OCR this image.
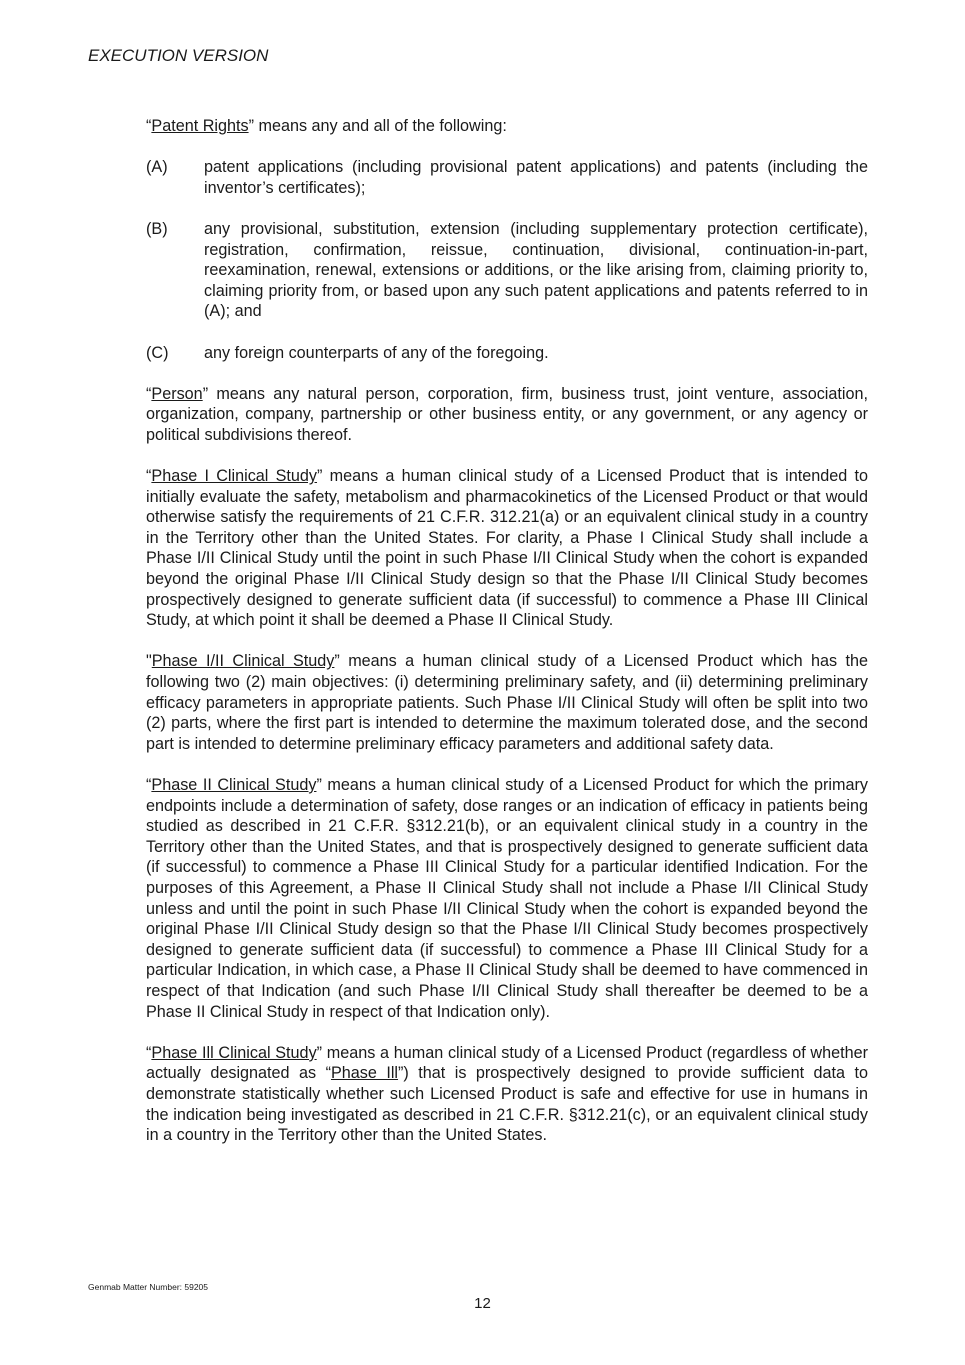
EXECUTION VERSION

“Patent Rights” means any and all of the following:

(A)	patent applications (including provisional patent applications) and patents (including the inventor’s certificates);
(B)	any provisional, substitution, extension (including supplementary protection certificate), registration, confirmation, reissue, continuation, divisional, continuation-in-part, reexamination, renewal, extensions or additions, or the like arising from, claiming priority to, claiming priority from, or based upon any such patent applications and patents referred to in (A); and
(C)	any foreign counterparts of any of the foregoing.

“Person” means any natural person, corporation, firm, business trust, joint venture, association, organization, company, partnership or other business entity, or any government, or any agency or political subdivisions thereof.

“Phase I Clinical Study” means a human clinical study of a Licensed Product that is intended to initially evaluate the safety, metabolism and pharmacokinetics of the Licensed Product or that would otherwise satisfy the requirements of 21 C.F.R. 312.21(a) or an equivalent clinical study in a country in the Territory other than the United States. For clarity, a Phase I Clinical Study shall include a Phase I/II Clinical Study until the point in such Phase I/II Clinical Study when the cohort is expanded beyond the original Phase I/II Clinical Study design so that the Phase I/II Clinical Study becomes prospectively designed to generate sufficient data (if successful) to commence a Phase III Clinical Study, at which point it shall be deemed a Phase II Clinical Study.

"Phase I/II Clinical Study” means a human clinical study of a Licensed Product which has the following two (2) main objectives: (i) determining preliminary safety, and (ii) determining preliminary efficacy parameters in appropriate patients. Such Phase I/II Clinical Study will often be split into two (2) parts, where the first part is intended to determine the maximum tolerated dose, and the second part is intended to determine preliminary efficacy parameters and additional safety data.

“Phase II Clinical Study” means a human clinical study of a Licensed Product for which the primary endpoints include a determination of safety, dose ranges or an indication of efficacy in patients being studied as described in 21 C.F.R. §312.21(b), or an equivalent clinical study in a country in the Territory other than the United States, and that is prospectively designed to generate sufficient data (if successful) to commence a Phase III Clinical Study for a particular identified Indication. For the purposes of this Agreement, a Phase II Clinical Study shall not include a Phase I/II Clinical Study unless and until the point in such Phase I/II Clinical Study when the cohort is expanded beyond the original Phase I/II Clinical Study design so that the Phase I/II Clinical Study becomes prospectively designed to generate sufficient data (if successful) to commence a Phase III Clinical Study for a particular Indication, in which case, a Phase II Clinical Study shall be deemed to have commenced in respect of that Indication (and such Phase I/II Clinical Study shall thereafter be deemed to be a Phase II Clinical Study in respect of that Indication only).

“Phase Ill Clinical Study” means a human clinical study of a Licensed Product (regardless of whether actually designated as “Phase Ill”) that is prospectively designed to provide sufficient data to demonstrate statistically whether such Licensed Product is safe and effective for use in humans in the indication being investigated as described in 21 C.F.R. §312.21(c), or an equivalent clinical study in a country in the Territory other than the United States.

Genmab Matter Number: 59205
12
